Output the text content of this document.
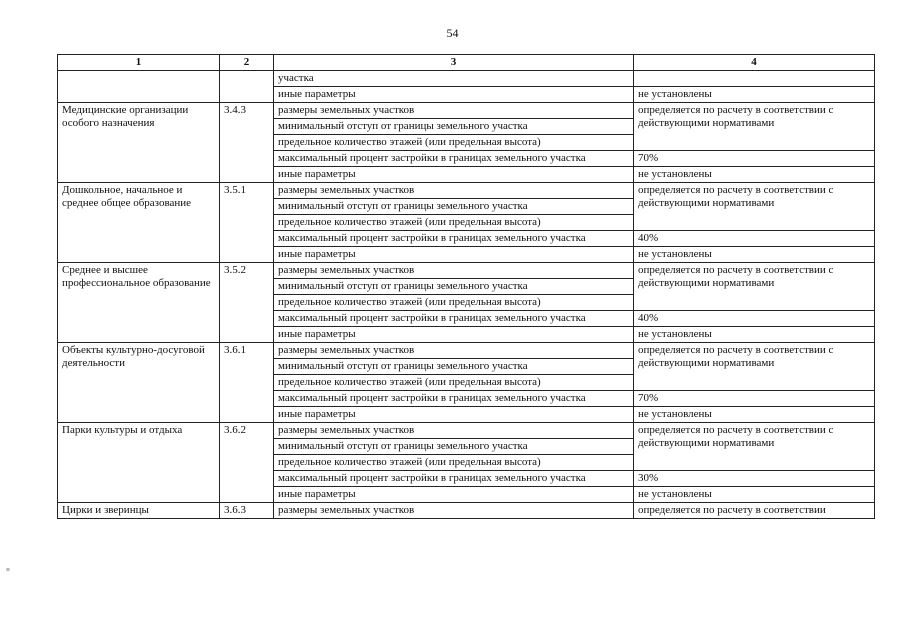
54
1	2	3	4
		участка	
		иные параметры	не установлены
Медицинские организации особого назначения	3.4.3	размеры земельных участков	определяется по расчету в соответствии с действующими нормативами
		минимальный отступ от границы земельного участка	
		предельное количество этажей (или предельная высота)	
		максимальный процент застройки в границах земельного участка	70%
		иные параметры	не установлены
Дошкольное, начальное и среднее общее образование	3.5.1	размеры земельных участков	определяется по расчету в соответствии с действующими нормативами
		минимальный отступ от границы земельного участка	
		предельное количество этажей (или предельная высота)	
		максимальный процент застройки в границах земельного участка	40%
		иные параметры	не установлены
Среднее и высшее профессиональное образование	3.5.2	размеры земельных участков	определяется по расчету в соответствии с действующими нормативами
		минимальный отступ от границы земельного участка	
		предельное количество этажей (или предельная высота)	
		максимальный процент застройки в границах земельного участка	40%
		иные параметры	не установлены
Объекты культурно-досуговой деятельности	3.6.1	размеры земельных участков	определяется по расчету в соответствии с действующими нормативами
		минимальный отступ от границы земельного участка	
		предельное количество этажей (или предельная высота)	
		максимальный процент застройки в границах земельного участка	70%
		иные параметры	не установлены
Парки культуры и отдыха	3.6.2	размеры земельных участков	определяется по расчету в соответствии с действующими нормативами
		минимальный отступ от границы земельного участка	
		предельное количество этажей (или предельная высота)	
		максимальный процент застройки в границах земельного участка	30%
		иные параметры	не установлены
Цирки и зверинцы	3.6.3	размеры земельных участков	определяется по расчету в соответствии
≡
